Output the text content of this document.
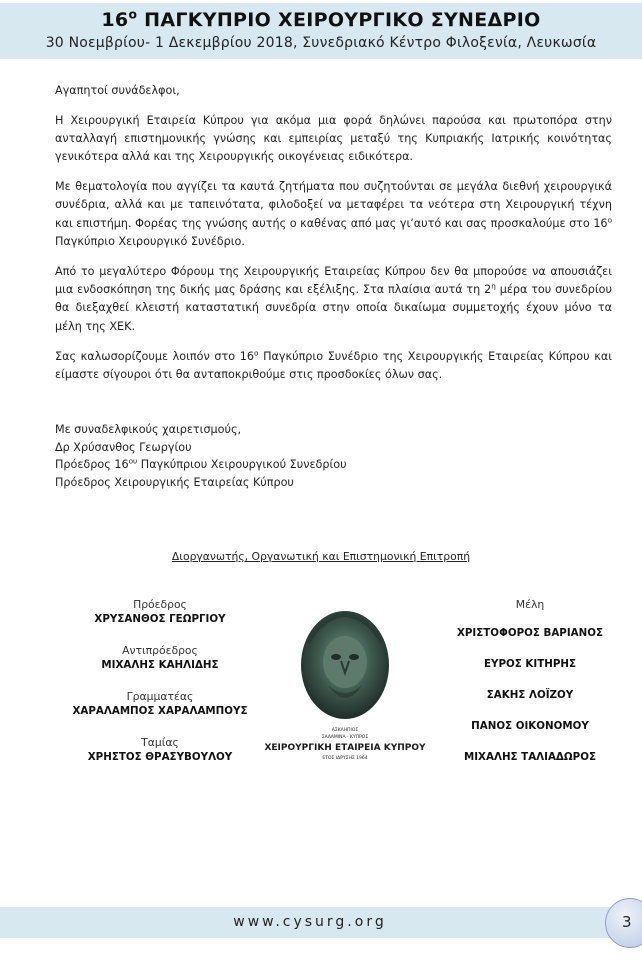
$16^o$ ΠΑΓΚΥΠΡΙΟ ΧΕΙΡΟΥΡΓΙΚΟ ΣΥΝΕΔΡΙΟ
30 Νοεμβρίου- 1 Δεκεμβρίου 2018, Συνεδριακό Κέντρο Φιλοξενία, Λευκωσία

Αγαπητοί συνάδελφοι,

Η Χειρουργική Εταιρεία Κύπρου για ακόμα μια φορά δηλώνει παρούσα και πρωτοπόρα στην ανταλλαγή επιστημονικής γνώσης και εμπειρίας μεταξύ της Κυπριακής Ιατρικής κοινότητας γενικότερα αλλά και της Χειρουργικής οικογένειας ειδικότερα.

Με θεματολογία που αγγίζει τα καυτά ζητήματα που συζητούνται σε μεγάλα διεθνή χειρουργικά συνέδρια, αλλά και με ταπεινότατα, φιλοδοξεί να μεταφέρει τα νεότερα στη Χειρουργική τέχνη και επιστήμη. Φορέας της γνώσης αυτής ο καθένας από μας γι’αυτό και σας προσκαλούμε στο $16^o$ Παγκύπριο Χειρουργικό Συνέδριο.

Από το μεγαλύτερο Φόρουμ της Χειρουργικής Εταιρείας Κύπρου δεν θα μπορούσε να απουσιάζει μια ενδοσκόπηση της δικής μας δράσης και εξέλιξης. Στα πλαίσια αυτά τη $2^\eta$ μέρα του συνεδρίου θα διεξαχθεί κλειστή καταστατική συνεδρία στην οποία δικαίωμα συμμετοχής έχουν μόνο τα μέλη της ΧΕΚ.

Σας καλωσορίζουμε λοιπόν στο $16^o$ Παγκύπριο Συνέδριο της Χειρουργικής Εταιρείας Κύπρου και είμαστε σίγουροι ότι θα ανταποκριθούμε στις προσδοκίες όλων σας.

Με συναδελφικούς χαιρετισμούς,
Δρ Χρύσανθος Γεωργίου
Πρόεδρος $16^{o\upsilon}$ Παγκύπριου Χειρουργικού Συνεδρίου
Πρόεδρος Χειρουργικής Εταιρείας Κύπρου
Διοργανωτής, Οργανωτική και Επιστημονική Επιτροπή
Πρόεδρος
ΧΡΥΣΑΝΘΟΣ ΓΕΩΡΓΙΟΥ
Αντιπρόεδρος
ΜΙΧΑΛΗΣ ΚΑΗΛΙΔΗΣ
Γραμματέας
ΧΑΡΑΛΑΜΠΟΣ ΧΑΡΑΛΑΜΠΟΥΣ
Ταμίας
ΧΡΗΣΤΟΣ ΘΡΑΣΥΒΟΥΛΟΥ
ΑΣΚΛΗΠΙΟΣ
ΣΑΛΑΜΙΝΑ - ΚΥΠΡΟΣ
ΧΕΙΡΟΥΡΓΙΚΗ ΕΤΑΙΡΕΙΑ ΚΥΠΡΟΥ
ΕΤΟΣ ΙΔΡΥΣΗΣ 1964
Μέλη
ΧΡΙΣΤΟΦΟΡΟΣ ΒΑΡΙΑΝΟΣ
ΕΥΡΟΣ ΚΙΤΗΡΗΣ
ΣΑΚΗΣ ΛΟΪΖΟΥ
ΠΑΝΟΣ ΟΙΚΟΝΟΜΟΥ
ΜΙΧΑΛΗΣ ΤΑΛΙΑΔΩΡΟΣ
www.cysurg.org	3
